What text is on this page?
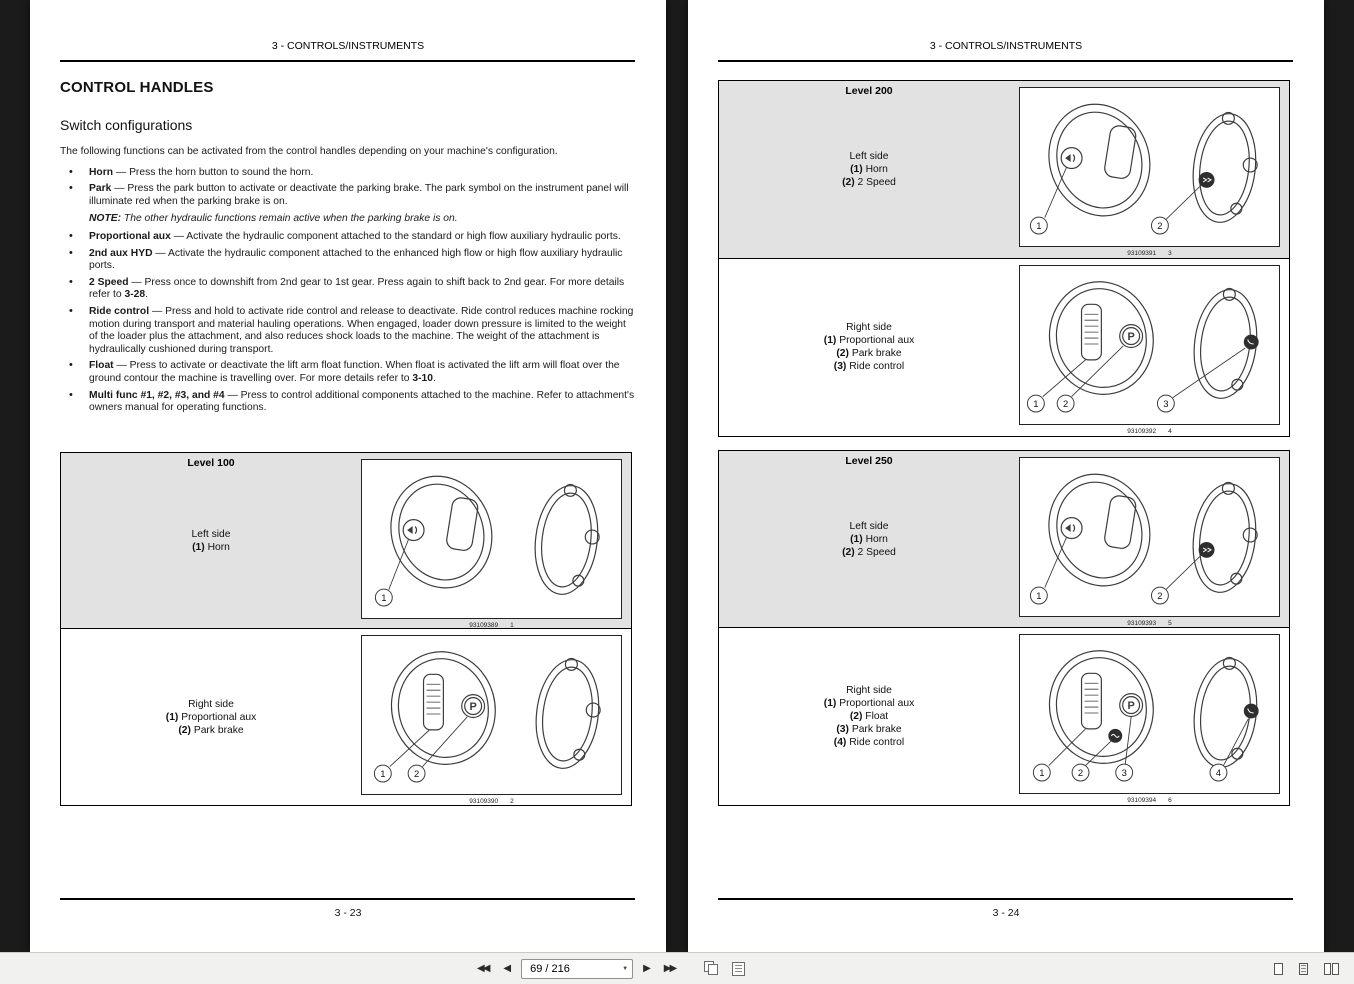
3 - CONTROLS/INSTRUMENTS
CONTROL HANDLES
Switch configurations

The following functions can be activated from the control handles depending on your machine's configuration.

• Horn — Press the horn button to sound the horn.
• Park — Press the park button to activate or deactivate the parking brake. The park symbol on the instrument panel will illuminate red when the parking brake is on.
NOTE: The other hydraulic functions remain active when the parking brake is on.
• Proportional aux — Activate the hydraulic component attached to the standard or high flow auxiliary hydraulic ports.
• 2nd aux HYD — Activate the hydraulic component attached to the enhanced high flow or high flow auxiliary hydraulic ports.
• 2 Speed — Press once to downshift from 2nd gear to 1st gear. Press again to shift back to 2nd gear. For more details refer to 3-28.
• Ride control — Press and hold to activate ride control and release to deactivate. Ride control reduces machine rocking motion during transport and material hauling operations. When engaged, loader down pressure is limited to the weight of the loader plus the attachment, and also reduces shock loads to the machine. The weight of the attachment is hydraulically cushioned during transport.
• Float — Press to activate or deactivate the lift arm float function. When float is activated the lift arm will float over the ground contour the machine is travelling over. For more details refer to 3-10.
• Multi func #1, #2, #3, and #4 — Press to control additional components attached to the machine. Refer to attachment's owners manual for operating functions.
Level 100
Left side
(1) Horn
1
93109389 1
Right side
(1) Proportional aux
(2) Park brake
P
1	2
93109390 2
3 - 23
3 - CONTROLS/INSTRUMENTS
Level 200
Left side
(1) Horn
(2) 2 Speed
1	2
93109391 3
Right side
(1) Proportional aux
(2) Park brake
(3) Ride control
P
1	2	3
93109392 4
Level 250
Left side
(1) Horn
(2) 2 Speed
1	2
93109393 5
Right side
(1) Proportional aux
(2) Float
(3) Park brake
(4) Ride control
P
1	2	3	4
93109394 6
3 - 24
◀◀ ◀
69 / 216	▼ ▶ ▶▶
